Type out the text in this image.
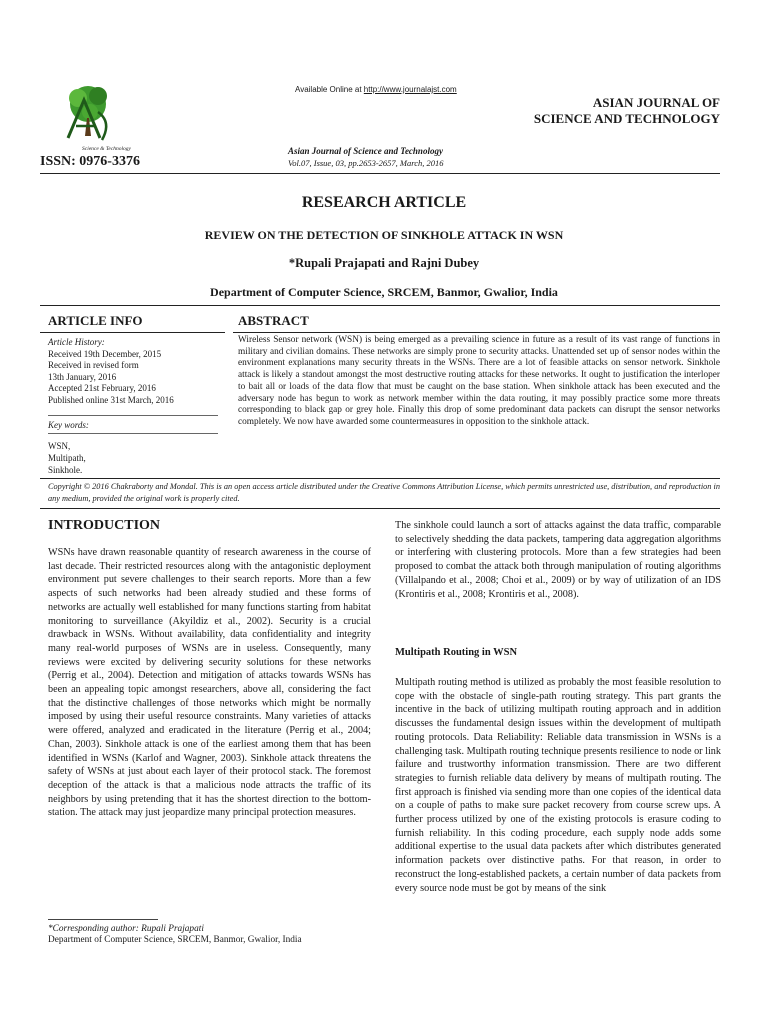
Science & Technology
ISSN: 0976-3376
Available Online at http://www.journalajst.com
ASIAN JOURNAL OF
SCIENCE AND TECHNOLOGY
Asian Journal of Science and Technology
Vol.07, Issue, 03, pp.2653-2657, March, 2016
RESEARCH ARTICLE
REVIEW ON THE DETECTION OF SINKHOLE ATTACK IN WSN
*Rupali Prajapati and Rajni Dubey
Department of Computer Science, SRCEM, Banmor, Gwalior, India
ARTICLE INFO	ABSTRACT
Article History:
Received 19th December, 2015
Received in revised form
13th January, 2016
Accepted 21st February, 2016
Published online 31st March, 2016
Key words:
WSN,
Multipath,
Sinkhole.
Wireless Sensor network (WSN) is being emerged as a prevailing science in future as a result of its vast range of functions in military and civilian domains. These networks are simply prone to security attacks. Unattended set up of sensor nodes within the environment explanations many security threats in the WSNs. There are a lot of feasible attacks on sensor network. Sinkhole attack is likely a standout amongst the most destructive routing attacks for these networks. It ought to justification the interloper to bait all or loads of the data flow that must be caught on the base station. When sinkhole attack has been executed and the adversary node has begun to work as network member within the data routing, it may possibly practice some more threats corresponding to black gap or grey hole. Finally this drop of some predominant data packets can disrupt the sensor networks completely. We now have awarded some countermeasures in opposition to the sinkhole attack.
Copyright © 2016 Chakraborty and Mondal. This is an open access article distributed under the Creative Commons Attribution License, which permits unrestricted use, distribution, and reproduction in any medium, provided the original work is properly cited.
INTRODUCTION
WSNs have drawn reasonable quantity of research awareness in the course of last decade. Their restricted resources along with the antagonistic deployment environment put severe challenges to their search reports. More than a few aspects of such networks had been already studied and these forms of networks are actually well established for many functions starting from habitat monitoring to surveillance (Akyildiz et al., 2002). Security is a crucial drawback in WSNs. Without availability, data confidentiality and integrity many real-world purposes of WSNs are in useless. Consequently, many reviews were excited by delivering security solutions for these networks (Perrig et al., 2004). Detection and mitigation of attacks towards WSNs has been an appealing topic amongst researchers, above all, considering the fact that the distinctive challenges of those networks which might be normally imposed by using their useful resource constraints. Many varieties of attacks were offered, analyzed and eradicated in the literature (Perrig et al., 2004; Chan, 2003). Sinkhole attack is one of the earliest among them that has been identified in WSNs (Karlof and Wagner, 2003). Sinkhole attack threatens the safety of WSNs at just about each layer of their protocol stack. The foremost deception of the attack is that a malicious node attracts the traffic of its neighbors by using pretending that it has the shortest direction to the bottom-station. The attack may just jeopardize many principal protection measures.
The sinkhole could launch a sort of attacks against the data traffic, comparable to selectively shedding the data packets, tampering data aggregation algorithms or interfering with clustering protocols. More than a few strategies had been proposed to combat the attack both through manipulation of routing algorithms (Villalpando et al., 2008; Choi et al., 2009) or by way of utilization of an IDS (Krontiris et al., 2008; Krontiris et al., 2008).
Multipath Routing in WSN
Multipath routing method is utilized as probably the most feasible resolution to cope with the obstacle of single-path routing strategy. This part grants the incentive in the back of utilizing multipath routing approach and in addition discusses the fundamental design issues within the development of multipath routing protocols. Data Reliability: Reliable data transmission in WSNs is a challenging task. Multipath routing technique presents resilience to node or link failure and trustworthy information transmission. There are two different strategies to furnish reliable data delivery by means of multipath routing. The first approach is finished via sending more than one copies of the identical data on a couple of paths to make sure packet recovery from course screw ups. A further process utilized by one of the existing protocols is erasure coding to furnish reliability. In this coding procedure, each supply node adds some additional expertise to the usual data packets after which distributes generated information packets over distinctive paths. For that reason, in order to reconstruct the long-established packets, a certain number of data packets from every source node must be got by means of the sink
*Corresponding author: Rupali Prajapati
Department of Computer Science, SRCEM, Banmor, Gwalior, India
